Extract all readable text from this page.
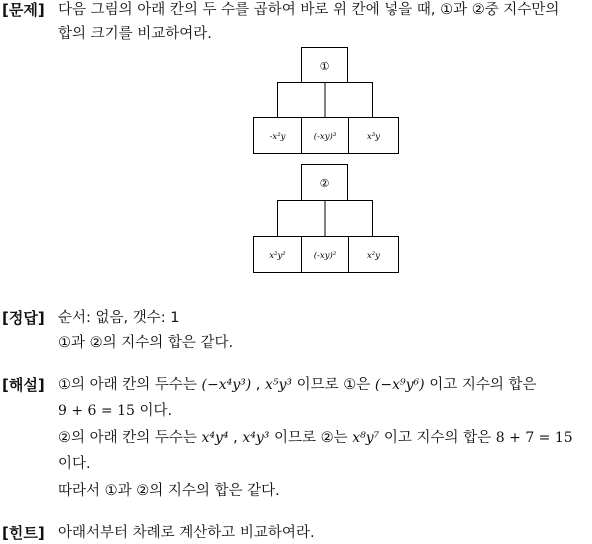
[문제] 다음 그림의 아래 칸의 두 수를 곱하여 바로 위 칸에 넣을 때, ①과 ②중 지수만의
합의 크기를 비교하여라.
①
-x²y	(-xy)³	x³y
②
x²y²	(-xy)²	x²y
[정답] 순서: 없음, 갯수: 1
①과 ②의 지수의 합은 같다.
[해설] ①의 아래 칸의 두수는 (−x⁴y³) , x⁵y³ 이므로 ①은 (−x⁹y⁶) 이고 지수의 합은
9 + 6 = 15 이다.
②의 아래 칸의 두수는 x⁴y⁴ , x⁴y³ 이므로 ②는 x⁸y⁷ 이고 지수의 합은 8 + 7 = 15
이다.
따라서 ①과 ②의 지수의 합은 같다.
[힌트] 아래서부터 차례로 계산하고 비교하여라.
